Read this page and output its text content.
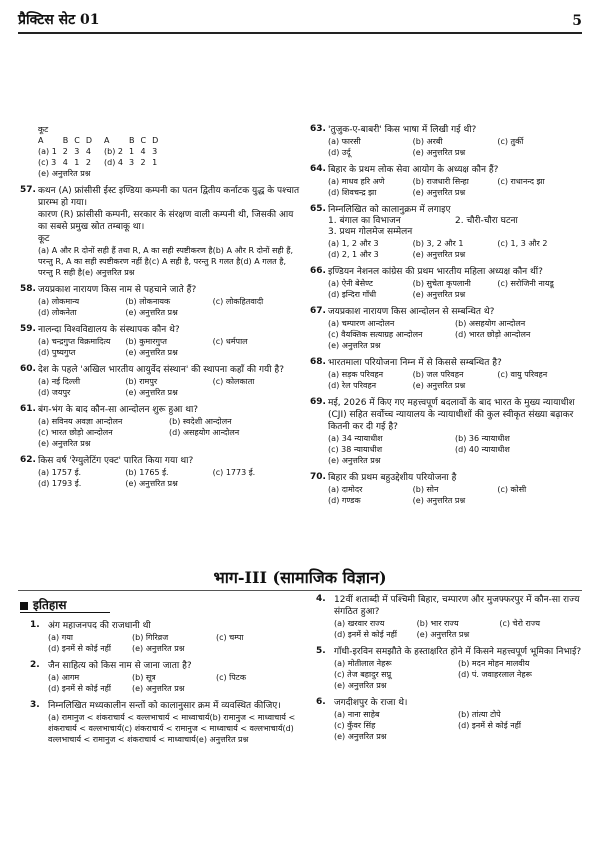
प्रैक्टिस सेट 01	5
कूट
A	B	C	D		A	B	C	D
(a) 1	2	3	4		(b) 2	1	4	3
(c) 3	4	1	2		(d) 4	3	2	1
(e) अनुत्तरित प्रश्न
57. कथन (A) फ्रांसीसी ईस्ट इण्डिया कम्पनी का पतन द्वितीय कर्नाटक युद्ध के पश्चात प्रारम्भ हो गया।
कारण (R) फ्रांसीसी कम्पनी, सरकार के संरक्षण वाली कम्पनी थी, जिसकी आय का सबसे प्रमुख स्रोत तम्बाकू था।
कूट
(a) A और R दोनों सही हैं तथा R, A का सही स्पष्टीकरण है(b) A और R दोनों सही हैं, परन्तु R, A का सही स्पष्टीकरण नहीं है(c) A सही है, परन्तु R गलत है(d) A गलत है, परन्तु R सही है(e) अनुत्तरित प्रश्न
58. जयप्रकाश नारायण किस नाम से पहचाने जाते हैं?
(a) लोकमान्य	(b) लोकनायक	(c) लोकहितवादी
(d) लोकनेता	(e) अनुत्तरित प्रश्न
59. नालन्दा विश्वविद्यालय के संस्थापक कौन थे?
(a) चन्द्रगुप्त विक्रमादित्य	(b) कुमारगुप्त	(c) धर्मपाल
(d) पुष्यगुप्त	(e) अनुत्तरित प्रश्न
60. देश के पहले 'अखिल भारतीय आयुर्वेद संस्थान' की स्थापना कहाँ की गयी है?
(a) नई दिल्ली	(b) रामपुर	(c) कोलकाता
(d) जयपुर	(e) अनुत्तरित प्रश्न
61. बंग-भंग के बाद कौन-सा आन्दोलन शुरू हुआ था?
(a) सविनय अवज्ञा आन्दोलन	(b) स्वदेशी आन्दोलन
(c) भारत छोड़ो आन्दोलन	(d) असहयोग आन्दोलन
(e) अनुत्तरित प्रश्न
62. किस वर्ष 'रेग्युलेटिंग एक्ट' पारित किया गया था?
(a) 1757 ई.	(b) 1765 ई.	(c) 1773 ई.
(d) 1793 ई.	(e) अनुत्तरित प्रश्न
63. 'तुजुक-ए-बाबरी' किस भाषा में लिखी गई थी?
(a) फारसी	(b) अरबी	(c) तुर्की
(d) उर्दू	(e) अनुत्तरित प्रश्न
64. बिहार के प्रथम लोक सेवा आयोग के अध्यक्ष कौन हैं?
(a) माधव हरि अणे	(b) राजधारी सिन्हा	(c) राधानन्द झा
(d) शिवचन्द्र झा	(e) अनुत्तरित प्रश्न
65. निम्नलिखित को कालानुक्रम में लगाइए
1. बंगाल का विभाजन	2. चौरी-चौरा घटना
3. प्रथम गोलमेज सम्मेलन
(a) 1, 2 और 3	(b) 3, 2 और 1	(c) 1, 3 और 2
(d) 2, 1 और 3	(e) अनुत्तरित प्रश्न
66. इण्डियन नेशनल कांग्रेस की प्रथम भारतीय महिला अध्यक्ष कौन थीं?
(a) ऐनी बेसेण्ट	(b) सुचेता कृपलानी	(c) सरोजिनी नायडू
(d) इन्दिरा गाँधी	(e) अनुत्तरित प्रश्न
67. जयप्रकाश नारायण किस आन्दोलन से सम्बन्धित थे?
(a) चम्पारण आन्दोलन	(b) असहयोग आन्दोलन
(c) वैयक्तिक सत्याग्रह आन्दोलन	(d) भारत छोड़ो आन्दोलन
(e) अनुत्तरित प्रश्न
68. भारतमाला परियोजना निम्न में से किससे सम्बन्धित है?
(a) सड़क परिवहन	(b) जल परिवहन	(c) वायु परिवहन
(d) रेल परिवहन	(e) अनुत्तरित प्रश्न
69. मई, 2026 में किए गए महत्त्वपूर्ण बदलावों के बाद भारत के मुख्य न्यायाधीश (CJI) सहित सर्वोच्च न्यायालय के न्यायाधीशों की कुल स्वीकृत संख्या बढ़ाकर कितनी कर दी गई है?
(a) 34 न्यायाधीश	(b) 36 न्यायाधीश
(c) 38 न्यायाधीश	(d) 40 न्यायाधीश
(e) अनुत्तरित प्रश्न
70. बिहार की प्रथम बहुउद्देशीय परियोजना है
(a) दामोदर	(b) सोन	(c) कोसी
(d) गण्डक	(e) अनुत्तरित प्रश्न
भाग-III (सामाजिक विज्ञान)
इतिहास
1. अंग महाजनपद की राजधानी थी
(a) गया	(b) गिरिव्रज	(c) चम्पा
(d) इनमें से कोई नहीं	(e) अनुत्तरित प्रश्न
2. जैन साहित्य को किस नाम से जाना जाता है?
(a) आगम	(b) सूत्र	(c) पिटक
(d) इनमें से कोई नहीं	(e) अनुत्तरित प्रश्न
3. निम्नलिखित मध्यकालीन सन्तों को कालानुसार क्रम में व्यवस्थित कीजिए।
(a) रामानुज < शंकराचार्य < वल्लभाचार्य < माध्वाचार्य(b) रामानुज < माध्वाचार्य < शंकराचार्य < वल्लभाचार्य(c) शंकराचार्य < रामानुज < माध्वाचार्य < वल्लभाचार्य(d) वल्लभाचार्य < रामानुज < शंकराचार्य < माध्वाचार्य(e) अनुत्तरित प्रश्न
4. 12वीं शताब्दी में पश्चिमी बिहार, चम्पारण और मुजफ्फरपुर में कौन-सा राज्य संगठित हुआ?
(a) खरवार राज्य	(b) भार राज्य	(c) चेरो राज्य
(d) इनमें से कोई नहीं	(e) अनुत्तरित प्रश्न
5. गाँधी-इरविन समझौते के हस्ताक्षरित होने में किसने महत्त्वपूर्ण भूमिका निभाई?
(a) मोतीलाल नेहरू	(b) मदन मोहन मालवीय
(c) तेज बहादुर सप्रू	(d) पं. जवाहरलाल नेहरू
(e) अनुत्तरित प्रश्न
6. जगदीशपुर के राजा थे।
(a) नाना साहेब	(b) तांत्या टोपे
(c) कुँवर सिंह	(d) इनमें से कोई नहीं
(e) अनुत्तरित प्रश्न
